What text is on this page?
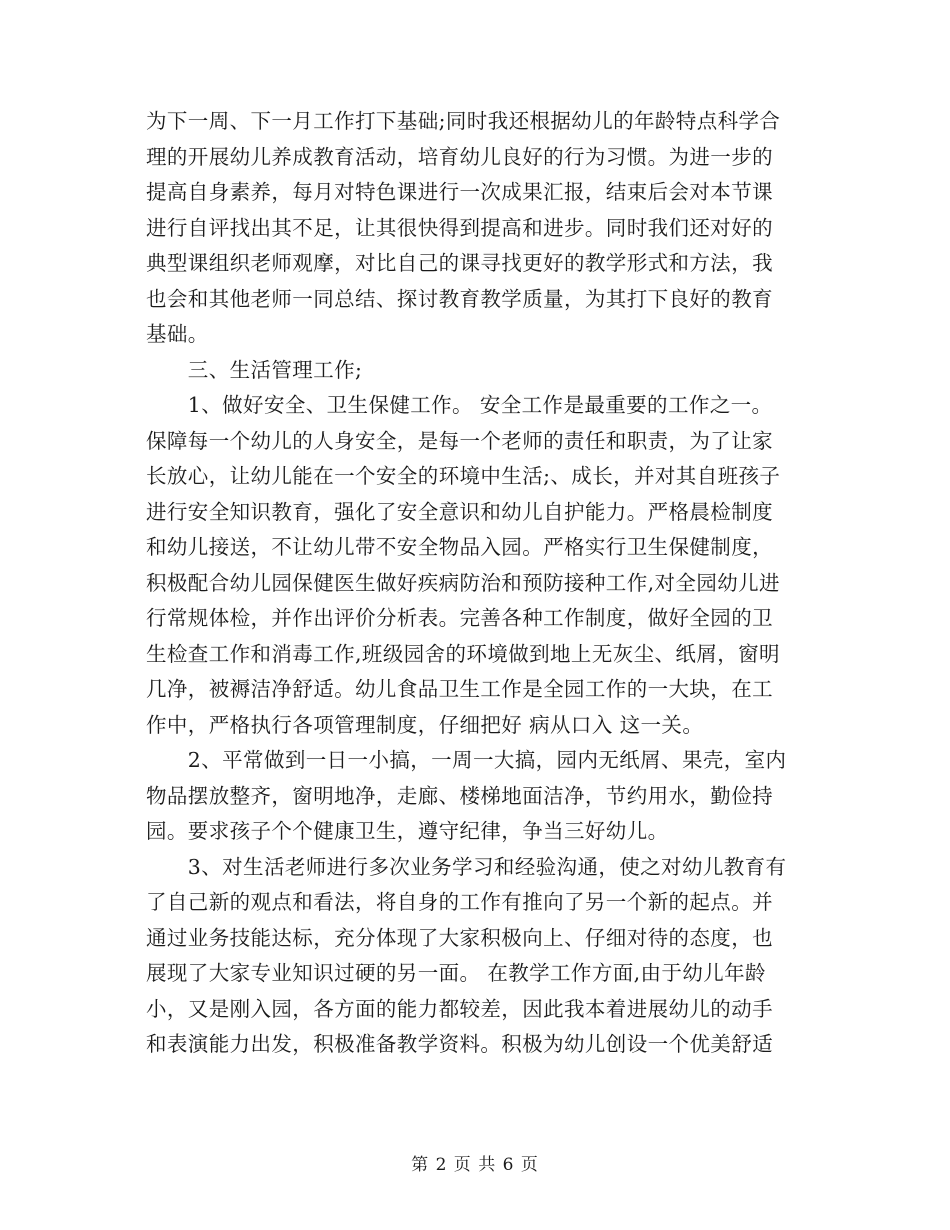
为下一周、下一月工作打下基础;同时我还根据幼儿的年龄特点科学合
理的开展幼儿养成教育活动，培育幼儿良好的行为习惯。为进一步的
提高自身素养，每月对特色课进行一次成果汇报，结束后会对本节课
进行自评找出其不足，让其很快得到提高和进步。同时我们还对好的
典型课组织老师观摩，对比自己的课寻找更好的教学形式和方法，我
也会和其他老师一同总结、探讨教育教学质量，为其打下良好的教育
基础。
　　三、生活管理工作;
　　1、做好安全、卫生保健工作。 安全工作是最重要的工作之一。
保障每一个幼儿的人身安全，是每一个老师的责任和职责，为了让家
长放心，让幼儿能在一个安全的环境中生活;、成长，并对其自班孩子
进行安全知识教育，强化了安全意识和幼儿自护能力。严格晨检制度
和幼儿接送，不让幼儿带不安全物品入园。严格实行卫生保健制度，
积极配合幼儿园保健医生做好疾病防治和预防接种工作,对全园幼儿进
行常规体检，并作出评价分析表。完善各种工作制度，做好全园的卫
生检查工作和消毒工作,班级园舍的环境做到地上无灰尘、纸屑，窗明
几净，被褥洁净舒适。幼儿食品卫生工作是全园工作的一大块，在工
作中，严格执行各项管理制度，仔细把好 病从口入 这一关。
　　2、平常做到一日一小搞，一周一大搞，园内无纸屑、果壳，室内
物品摆放整齐，窗明地净，走廊、楼梯地面洁净，节约用水，勤俭持
园。要求孩子个个健康卫生，遵守纪律，争当三好幼儿。
　　3、对生活老师进行多次业务学习和经验沟通，使之对幼儿教育有
了自己新的观点和看法，将自身的工作有推向了另一个新的起点。并
通过业务技能达标，充分体现了大家积极向上、仔细对待的态度，也
展现了大家专业知识过硬的另一面。 在教学工作方面,由于幼儿年龄
小，又是刚入园，各方面的能力都较差，因此我本着进展幼儿的动手
和表演能力出发，积极准备教学资料。积极为幼儿创设一个优美舒适
第 2 页 共 6 页
